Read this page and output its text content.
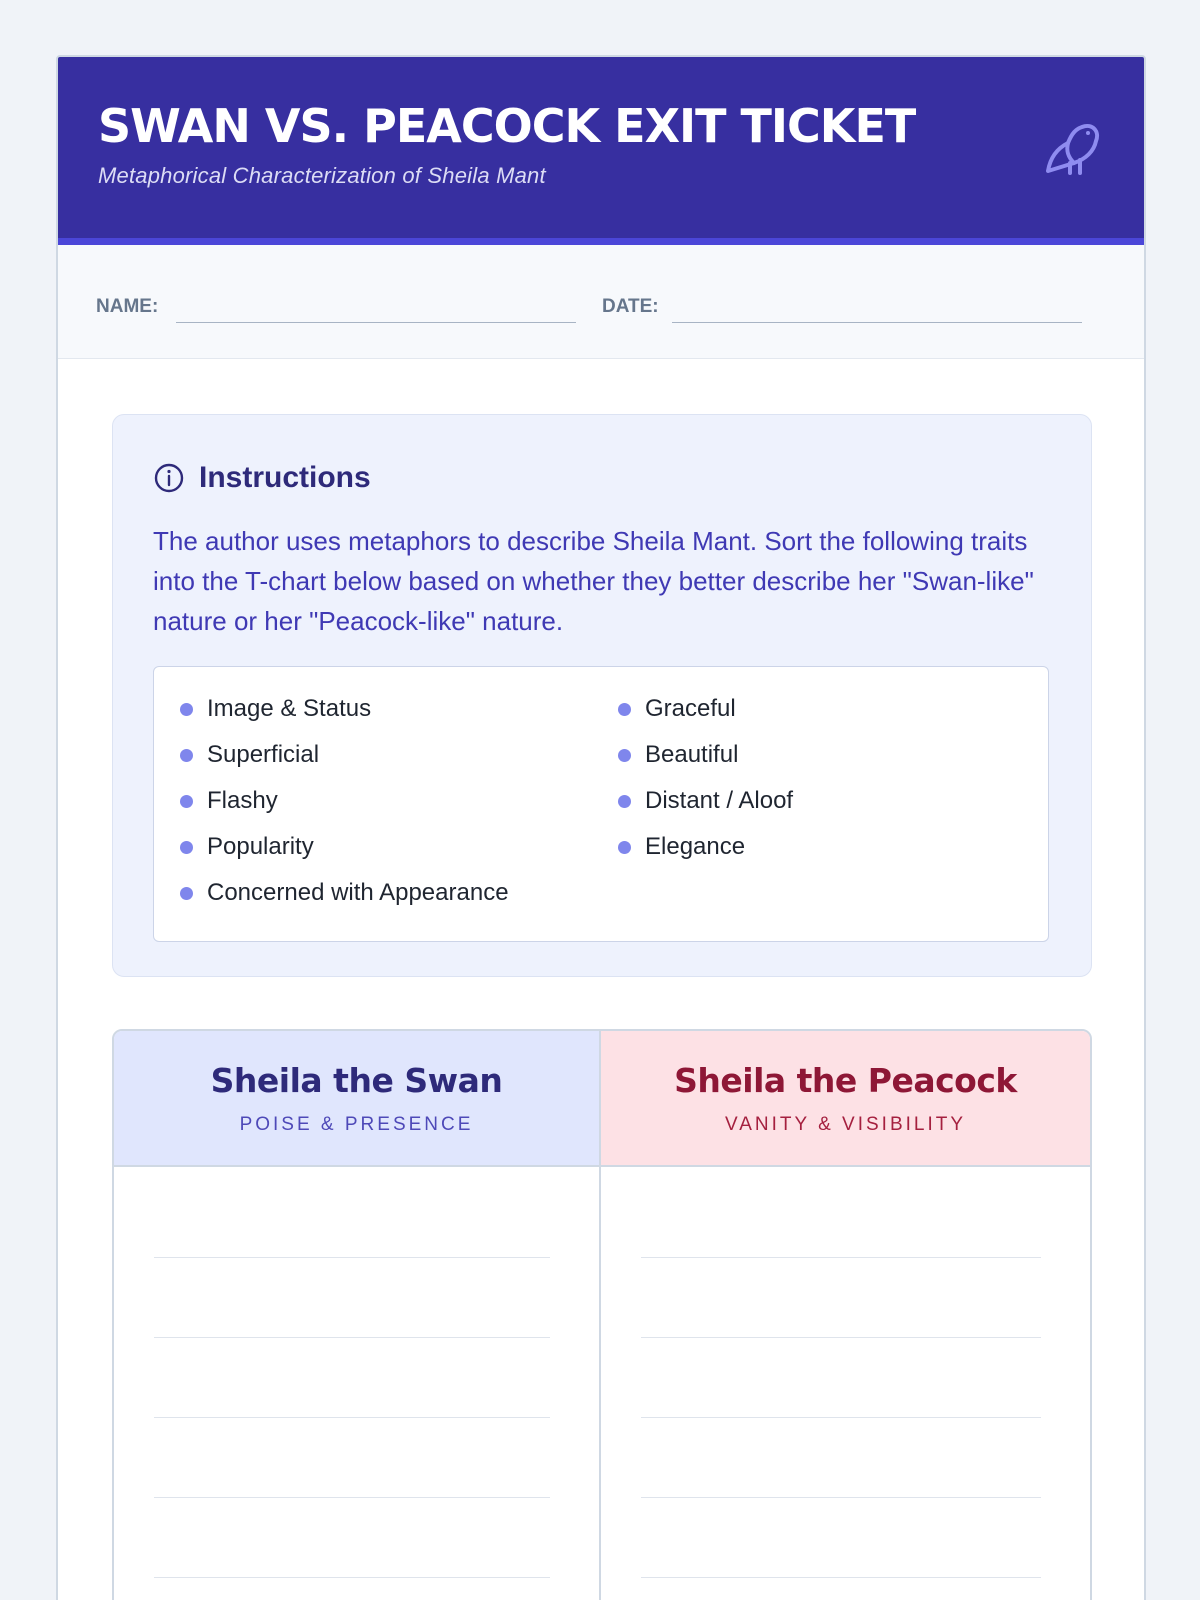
SWAN VS. PEACOCK EXIT TICKET
Metaphorical Characterization of Sheila Mant
NAME:	DATE:
Instructions
The author uses metaphors to describe Sheila Mant. Sort the following traits into the T-chart below based on whether they better describe her "Swan-like" nature or her "Peacock-like" nature.
Image & Status
Superficial
Flashy
Popularity
Concerned with Appearance
Graceful
Beautiful
Distant / Aloof
Elegance
Sheila the Swan
POISE & PRESENCE
Sheila the Peacock
VANITY & VISIBILITY
